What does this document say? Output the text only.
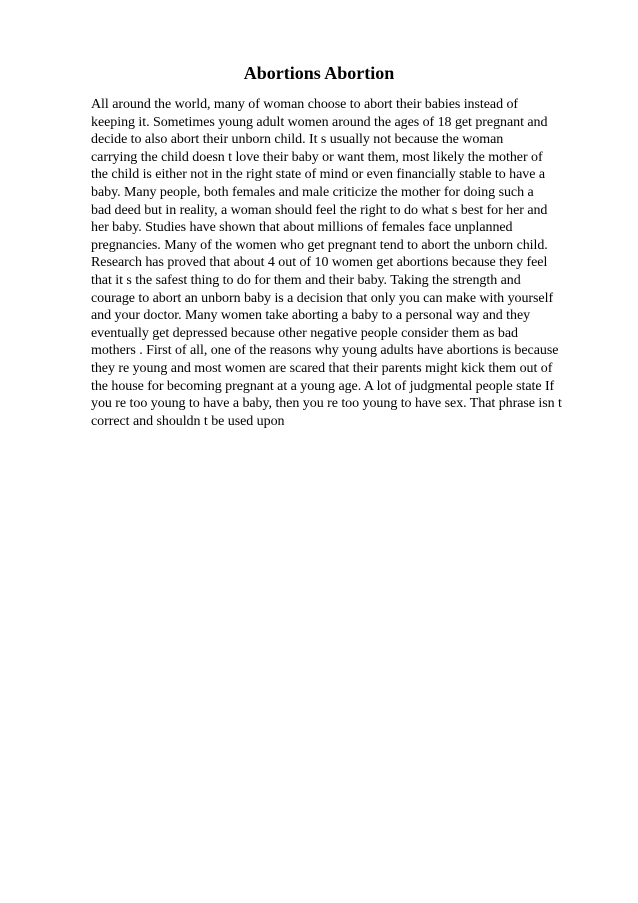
Abortions Abortion
All around the world, many of woman choose to abort their babies instead of
keeping it. Sometimes young adult women around the ages of 18 get pregnant and
decide to also abort their unborn child. It s usually not because the woman
carrying the child doesn t love their baby or want them, most likely the mother of
the child is either not in the right state of mind or even financially stable to have a
baby. Many people, both females and male criticize the mother for doing such a
bad deed but in reality, a woman should feel the right to do what s best for her and
her baby. Studies have shown that about millions of females face unplanned
pregnancies. Many of the women who get pregnant tend to abort the unborn child.
Research has proved that about 4 out of 10 women get abortions because they feel
that it s the safest thing to do for them and their baby. Taking the strength and
courage to abort an unborn baby is a decision that only you can make with yourself
and your doctor. Many women take aborting a baby to a personal way and they
eventually get depressed because other negative people consider them as bad
mothers . First of all, one of the reasons why young adults have abortions is because
they re young and most women are scared that their parents might kick them out of
the house for becoming pregnant at a young age. A lot of judgmental people state If
you re too young to have a baby, then you re too young to have sex. That phrase isn t
correct and shouldn t be used upon
